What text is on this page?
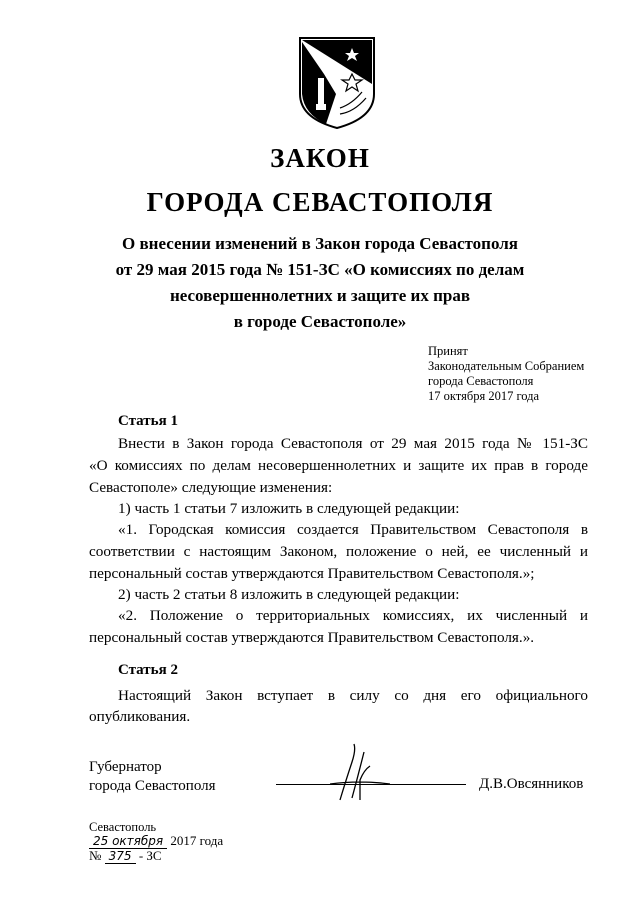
ЗАКОН
ГОРОДА СЕВАСТОПОЛЯ
О внесении изменений в Закон города Севастополя
от 29 мая 2015 года № 151-ЗС «О комиссиях по делам
несовершеннолетних и защите их прав
в городе Севастополе»
Принят
Законодательным Собранием
города Севастополя
17 октября 2017 года
Статья 1
Внести в Закон города Севастополя от 29 мая 2015 года № 151-ЗС
«О комиссиях по делам несовершеннолетних и защите их прав в городе
Севастополе» следующие изменения:
1) часть 1 статьи 7 изложить в следующей редакции:
«1. Городская комиссия создается Правительством Севастополя в
соответствии с настоящим Законом, положение о ней, ее численный и
персональный состав утверждаются Правительством Севастополя.»;
2) часть 2 статьи 8 изложить в следующей редакции:
«2. Положение о территориальных комиссиях, их численный и
персональный состав утверждаются Правительством Севастополя.».
Статья 2
Настоящий Закон вступает в силу со дня его официального
опубликования.
Губернатор
города Севастополя	Д.В.Овсянников
Севастополь
25 октября 2017 года
№ 375 - ЗС
